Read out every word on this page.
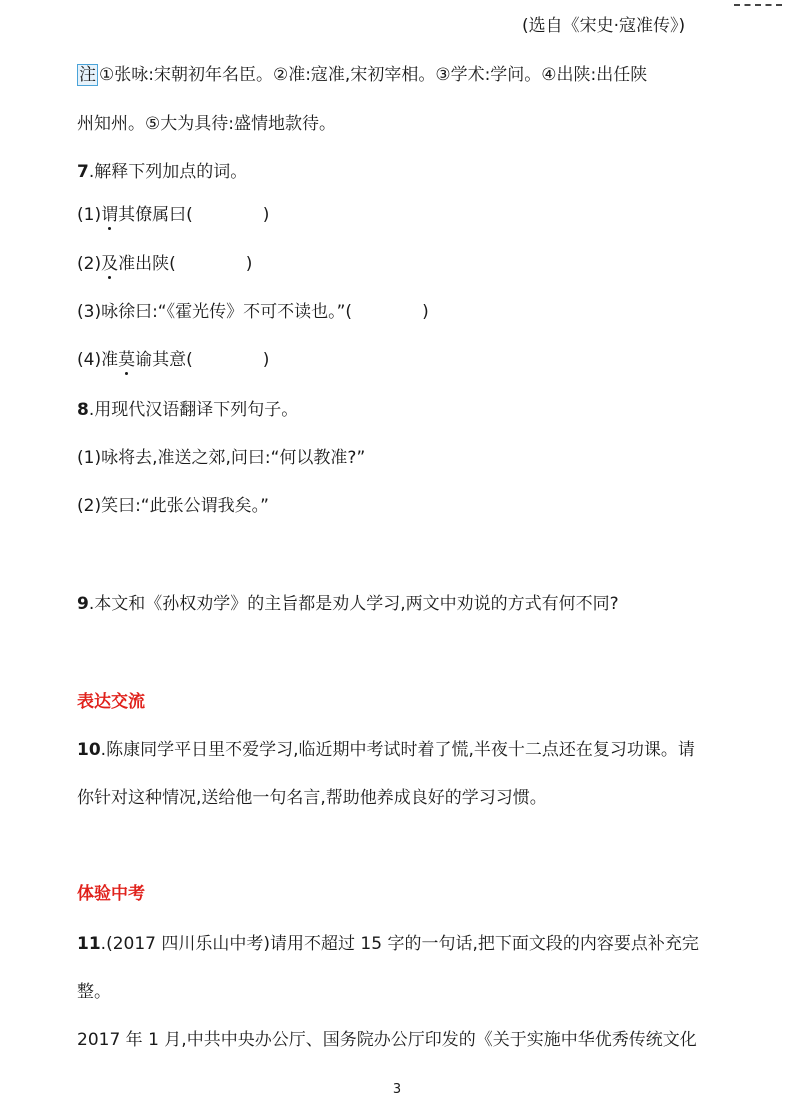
(选自《宋史·寇准传》)
注 ①张咏:宋朝初年名臣。②准:寇准,宋初宰相。③学术:学问。④出陕:出任陕
州知州。⑤大为具待:盛情地款待。
7.解释下列加点的词。
(1)谓其僚属曰(	)
(2)及准出陕(	)
(3)咏徐曰:“《霍光传》不可不读也。”(	)
(4)准莫谕其意(	)
8.用现代汉语翻译下列句子。
(1)咏将去,准送之郊,问曰:“何以教准?”
(2)笑曰:“此张公谓我矣。”
9.本文和《孙权劝学》的主旨都是劝人学习,两文中劝说的方式有何不同?
表达交流
10.陈康同学平日里不爱学习,临近期中考试时着了慌,半夜十二点还在复习功课。请
你针对这种情况,送给他一句名言,帮助他养成良好的学习习惯。
体验中考
11.(2017 四川乐山中考)请用不超过 15 字的一句话,把下面文段的内容要点补充完
整。
2017 年 1 月,中共中央办公厅、国务院办公厅印发的《关于实施中华优秀传统文化
3
